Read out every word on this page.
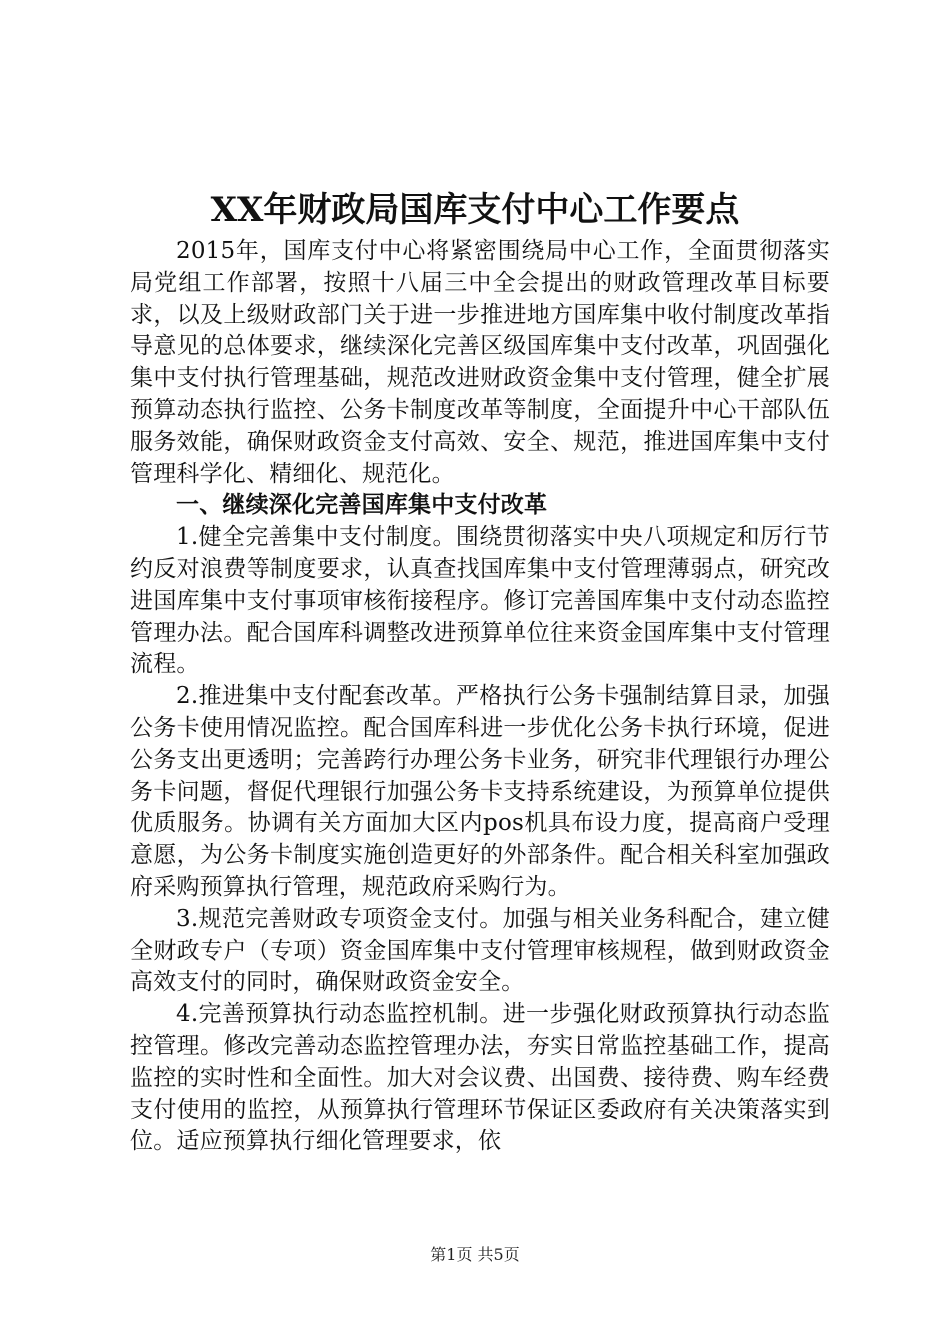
XX年财政局国库支付中心工作要点

2015年，国库支付中心将紧密围绕局中心工作，全面贯彻落实局党组工作部署，按照十八届三中全会提出的财政管理改革目标要求，以及上级财政部门关于进一步推进地方国库集中收付制度改革指导意见的总体要求，继续深化完善区级国库集中支付改革，巩固强化集中支付执行管理基础，规范改进财政资金集中支付管理，健全扩展预算动态执行监控、公务卡制度改革等制度，全面提升中心干部队伍服务效能，确保财政资金支付高效、安全、规范，推进国库集中支付管理科学化、精细化、规范化。

一、继续深化完善国库集中支付改革

1.健全完善集中支付制度。围绕贯彻落实中央八项规定和厉行节约反对浪费等制度要求，认真查找国库集中支付管理薄弱点，研究改进国库集中支付事项审核衔接程序。修订完善国库集中支付动态监控管理办法。配合国库科调整改进预算单位往来资金国库集中支付管理流程。

2.推进集中支付配套改革。严格执行公务卡强制结算目录，加强公务卡使用情况监控。配合国库科进一步优化公务卡执行环境，促进公务支出更透明；完善跨行办理公务卡业务，研究非代理银行办理公务卡问题，督促代理银行加强公务卡支持系统建设，为预算单位提供优质服务。协调有关方面加大区内pos机具布设力度，提高商户受理意愿，为公务卡制度实施创造更好的外部条件。配合相关科室加强政府采购预算执行管理，规范政府采购行为。

3.规范完善财政专项资金支付。加强与相关业务科配合，建立健全财政专户（专项）资金国库集中支付管理审核规程，做到财政资金高效支付的同时，确保财政资金安全。

4.完善预算执行动态监控机制。进一步强化财政预算执行动态监控管理。修改完善动态监控管理办法，夯实日常监控基础工作，提高监控的实时性和全面性。加大对会议费、出国费、接待费、购车经费支付使用的监控，从预算执行管理环节保证区委政府有关决策落实到位。适应预算执行细化管理要求，依

第1页 共5页
